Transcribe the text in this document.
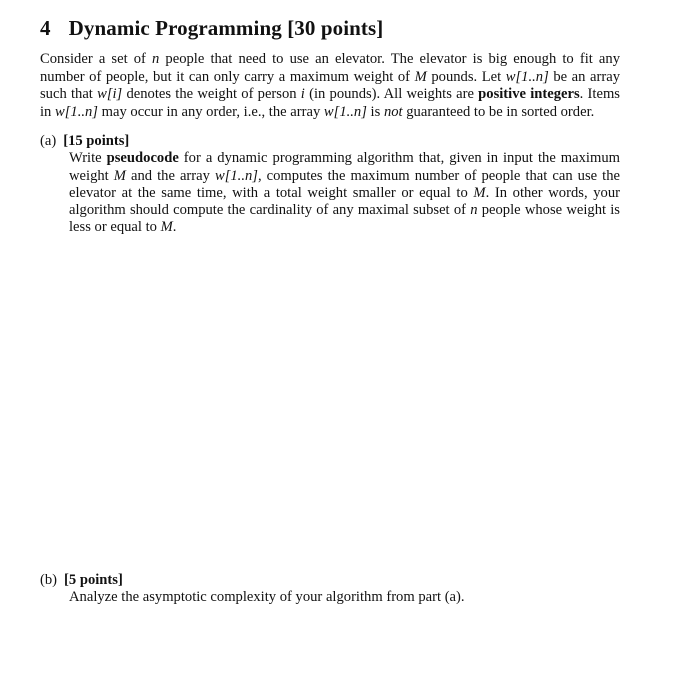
4 Dynamic Programming [30 points]

Consider a set of n people that need to use an elevator. The elevator is big enough to fit any number of people, but it can only carry a maximum weight of M pounds. Let w[1..n] be an array such that w[i] denotes the weight of person i (in pounds). All weights are positive integers. Items in w[1..n] may occur in any order, i.e., the array w[1..n] is not guaranteed to be in sorted order.

(a) [15 points]
Write pseudocode for a dynamic programming algorithm that, given in input the maximum weight M and the array w[1..n], computes the maximum number of people that can use the elevator at the same time, with a total weight smaller or equal to M. In other words, your algorithm should compute the cardinality of any maximal subset of n people whose weight is less or equal to M.
(b) [5 points]
Analyze the asymptotic complexity of your algorithm from part (a).
